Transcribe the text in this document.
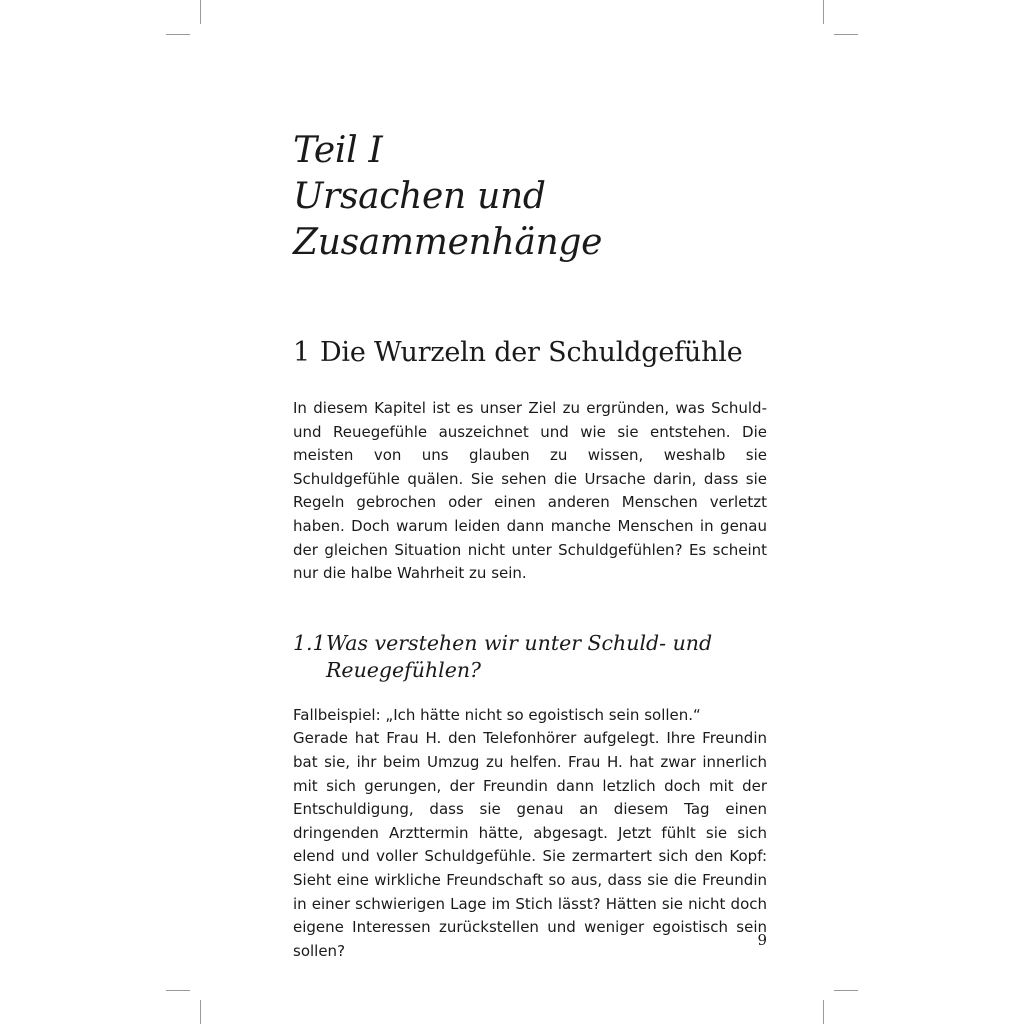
Teil I
Ursachen und
Zusammenhänge
1 Die Wurzeln der Schuldgefühle

In diesem Kapitel ist es unser Ziel zu ergründen, was Schuld- und Reuegefühle auszeichnet und wie sie entstehen. Die meisten von uns glauben zu wissen, weshalb sie Schuldgefühle quälen. Sie sehen die Ursache darin, dass sie Regeln gebrochen oder einen anderen Menschen verletzt haben. Doch warum leiden dann manche Menschen in genau der gleichen Situation nicht unter Schuldgefühlen? Es scheint nur die halbe Wahrheit zu sein.

1.1 Was verstehen wir unter Schuld- und Reuegefühlen?
Fallbeispiel: „Ich hätte nicht so egoistisch sein sollen.“
Gerade hat Frau H. den Telefonhörer aufgelegt. Ihre Freundin bat sie, ihr beim Umzug zu helfen. Frau H. hat zwar innerlich mit sich gerungen, der Freundin dann letzlich doch mit der Entschuldigung, dass sie genau an diesem Tag einen dringenden Arzttermin hätte, abgesagt. Jetzt fühlt sie sich elend und voller Schuldgefühle. Sie zermartert sich den Kopf: Sieht eine wirkliche Freundschaft so aus, dass sie die Freundin in einer schwierigen Lage im Stich lässt? Hätten sie nicht doch eigene Interessen zurückstellen und weniger egoistisch sein sollen?
9
